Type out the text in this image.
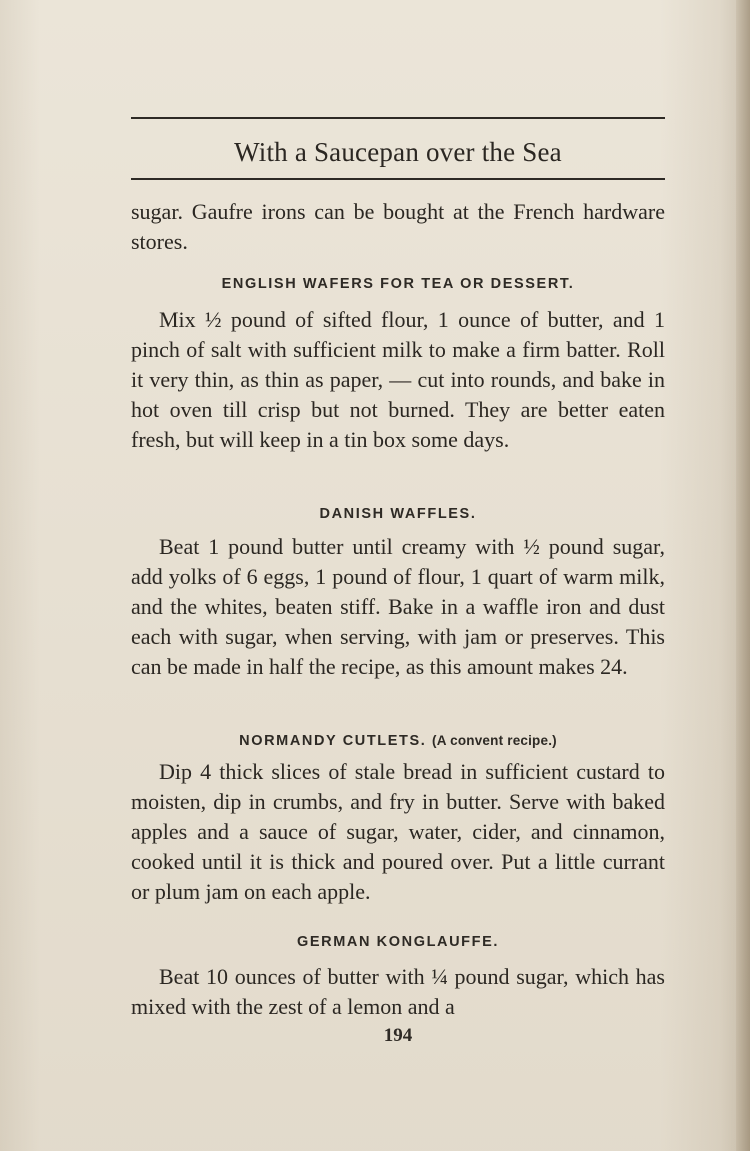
With a Saucepan over the Sea
sugar. Gaufre irons can be bought at the French hardware stores.
ENGLISH WAFERS FOR TEA OR DESSERT.
Mix ½ pound of sifted flour, 1 ounce of butter, and 1 pinch of salt with sufficient milk to make a firm batter. Roll it very thin, as thin as paper, — cut into rounds, and bake in hot oven till crisp but not burned. They are better eaten fresh, but will keep in a tin box some days.
DANISH WAFFLES.
Beat 1 pound butter until creamy with ½ pound sugar, add yolks of 6 eggs, 1 pound of flour, 1 quart of warm milk, and the whites, beaten stiff. Bake in a waffle iron and dust each with sugar, when serving, with jam or preserves. This can be made in half the recipe, as this amount makes 24.
NORMANDY CUTLETS. (A convent recipe.)
Dip 4 thick slices of stale bread in sufficient custard to moisten, dip in crumbs, and fry in butter. Serve with baked apples and a sauce of sugar, water, cider, and cinnamon, cooked until it is thick and poured over. Put a little currant or plum jam on each apple.
GERMAN KONGLAUFFE.
Beat 10 ounces of butter with ¼ pound sugar, which has mixed with the zest of a lemon and a
194
